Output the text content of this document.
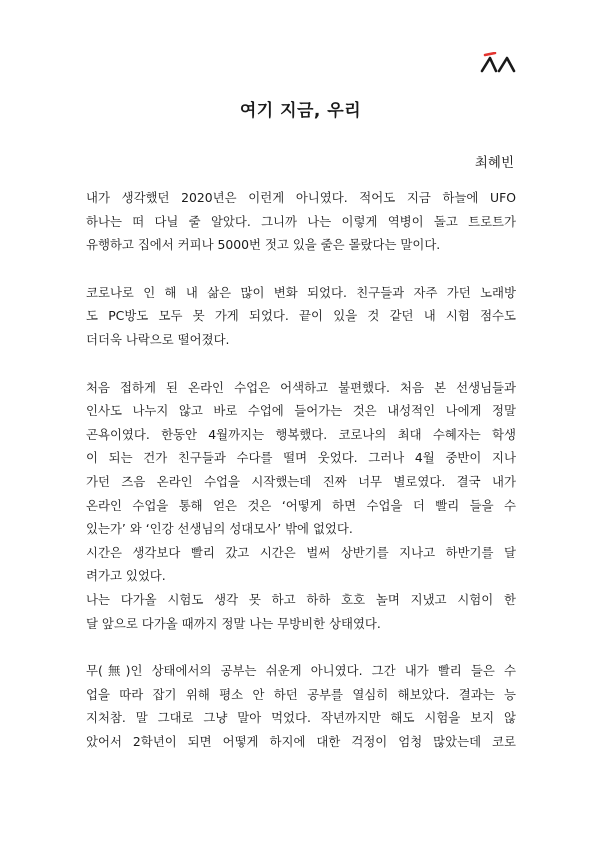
여기 지금, 우리

최혜빈

내가 생각했던 2020년은 이런게 아니였다. 적어도 지금 하늘에 UFO
하나는 떠 다닐 줄 알았다. 그니까 나는 이렇게 역병이 돌고 트로트가
유행하고 집에서 커피나 5000번 젓고 있을 줄은 몰랐다는 말이다.

코로나로 인 해 내 삶은 많이 변화 되었다. 친구들과 자주 가던 노래방
도 PC방도 모두 못 가게 되었다. 끝이 있을 것 같던 내 시험 점수도
더더욱 나락으로 떨어졌다.

처음 접하게 된 온라인 수업은 어색하고 불편했다. 처음 본 선생님들과
인사도 나누지 않고 바로 수업에 들어가는 것은 내성적인 나에게 정말
곤욕이였다. 한동안 4월까지는 행복했다. 코로나의 최대 수혜자는 학생
이 되는 건가 친구들과 수다를 떨며 웃었다. 그러나 4월 중반이 지나
가던 즈음 온라인 수업을 시작했는데 진짜 너무 별로였다. 결국 내가
온라인 수업을 통해 얻은 것은 ‘어떻게 하면 수업을 더 빨리 들을 수
있는가’ 와 ‘인강 선생님의 성대모사’ 밖에 없었다.
시간은 생각보다 빨리 갔고 시간은 벌써 상반기를 지나고 하반기를 달
려가고 있었다.
나는 다가올 시험도 생각 못 하고 하하 호호 놀며 지냈고 시험이 한
달 앞으로 다가올 때까지 정말 나는 무방비한 상태였다.

무(無)인 상태에서의 공부는 쉬운게 아니였다. 그간 내가 빨리 들은 수
업을 따라 잡기 위해 평소 안 하던 공부를 열심히 해보았다. 결과는 능
지처참. 말 그대로 그냥 말아 먹었다. 작년까지만 해도 시험을 보지 않
았어서 2학년이 되면 어떻게 하지에 대한 걱정이 엄청 많았는데 코로
